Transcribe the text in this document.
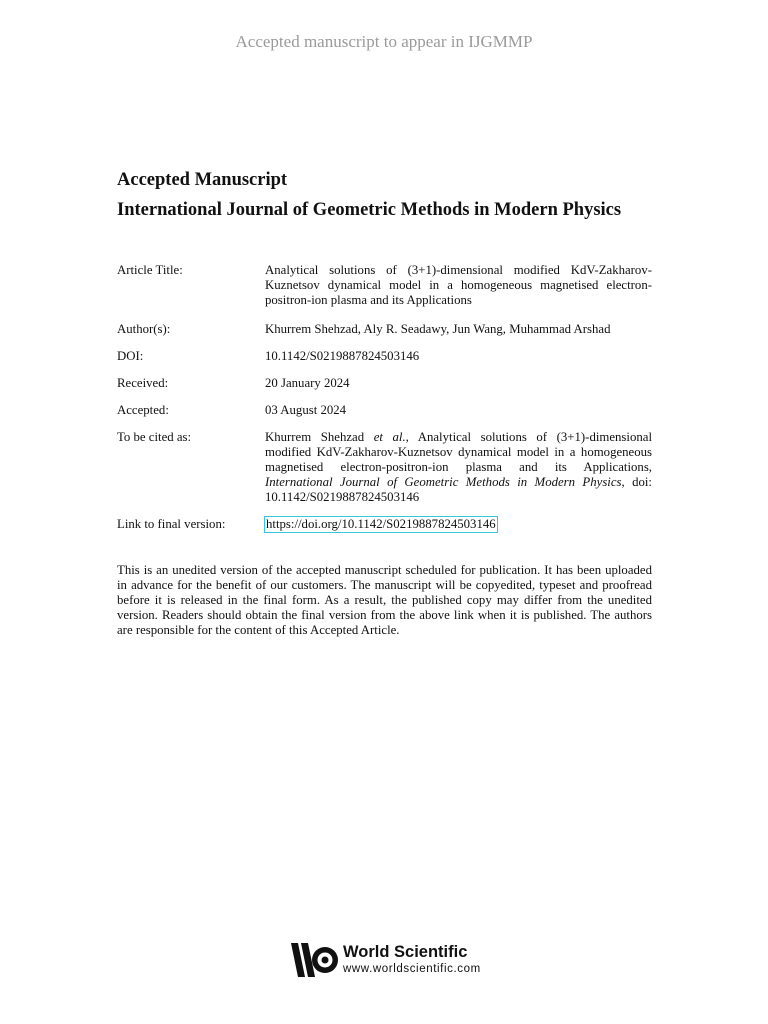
Accepted manuscript to appear in IJGMMP
Accepted Manuscript
International Journal of Geometric Methods in Modern Physics
Article Title:	Analytical solutions of (3+1)-dimensional modified KdV-Zakharov-Kuznetsov dynamical model in a homogeneous magnetised electron-positron-ion plasma and its Applications
Author(s):	Khurrem Shehzad, Aly R. Seadawy, Jun Wang, Muhammad Arshad
DOI:	10.1142/S0219887824503146
Received:	20 January 2024
Accepted:	03 August 2024
To be cited as:	Khurrem Shehzad et al., Analytical solutions of (3+1)-dimensional modified KdV-Zakharov-Kuznetsov dynamical model in a homogeneous magnetised electron-positron-ion plasma and its Applications, International Journal of Geometric Methods in Modern Physics, doi: 10.1142/S0219887824503146
Link to final version:	https://doi.org/10.1142/S0219887824503146
This is an unedited version of the accepted manuscript scheduled for publication. It has been uploaded in advance for the benefit of our customers. The manuscript will be copyedited, typeset and proofread before it is released in the final form. As a result, the published copy may differ from the unedited version. Readers should obtain the final version from the above link when it is published. The authors are responsible for the content of this Accepted Article.
World Scientific
www.worldscientific.com
